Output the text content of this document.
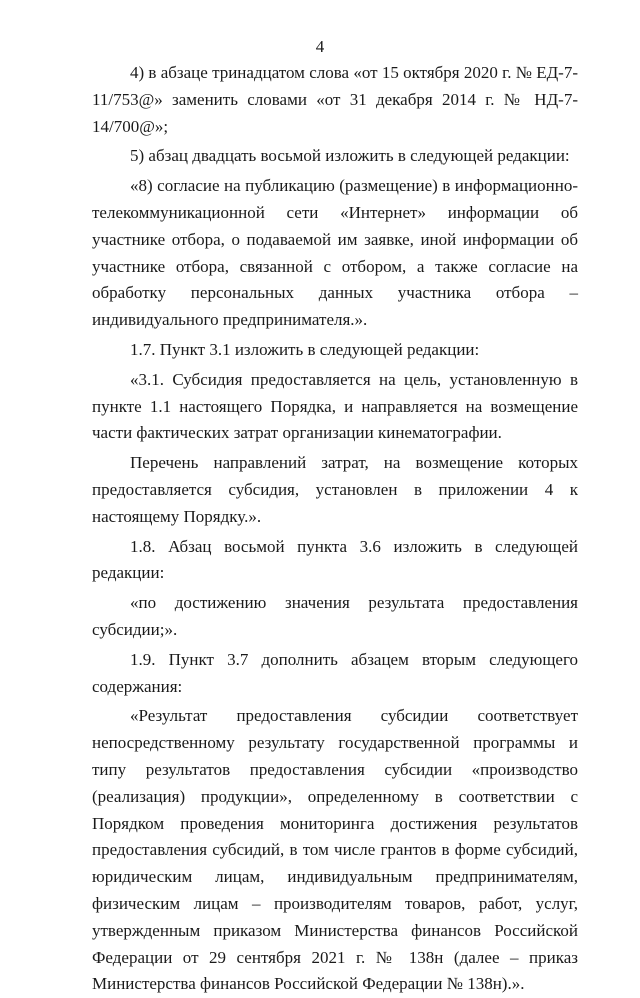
4

4) в абзаце тринадцатом слова «от 15 октября 2020 г. № ЕД-7-11/753@» заменить словами «от 31 декабря 2014 г. № НД-7-14/700@»;

5) абзац двадцать восьмой изложить в следующей редакции:

«8) согласие на публикацию (размещение) в информационно-телекоммуникационной сети «Интернет» информации об участнике отбора, о подаваемой им заявке, иной информации об участнике отбора, связанной с отбором, а также согласие на обработку персональных данных участника отбора – индивидуального предпринимателя.».

1.7. Пункт 3.1 изложить в следующей редакции:

«3.1. Субсидия предоставляется на цель, установленную в пункте 1.1 настоящего Порядка, и направляется на возмещение части фактических затрат организации кинематографии.

Перечень направлений затрат, на возмещение которых предоставляется субсидия, установлен в приложении 4 к настоящему Порядку.».

1.8. Абзац восьмой пункта 3.6 изложить в следующей редакции:

«по достижению значения результата предоставления субсидии;».

1.9. Пункт 3.7 дополнить абзацем вторым следующего содержания:

«Результат предоставления субсидии соответствует непосредственному результату государственной программы и типу результатов предоставления субсидии «производство (реализация) продукции», определенному в соответствии с Порядком проведения мониторинга достижения результатов предоставления субсидий, в том числе грантов в форме субсидий, юридическим лицам, индивидуальным предпринимателям, физическим лицам – производителям товаров, работ, услуг, утвержденным приказом Министерства финансов Российской Федерации от 29 сентября 2021 г. № 138н (далее – приказ Министерства финансов Российской Федерации № 138н).».
